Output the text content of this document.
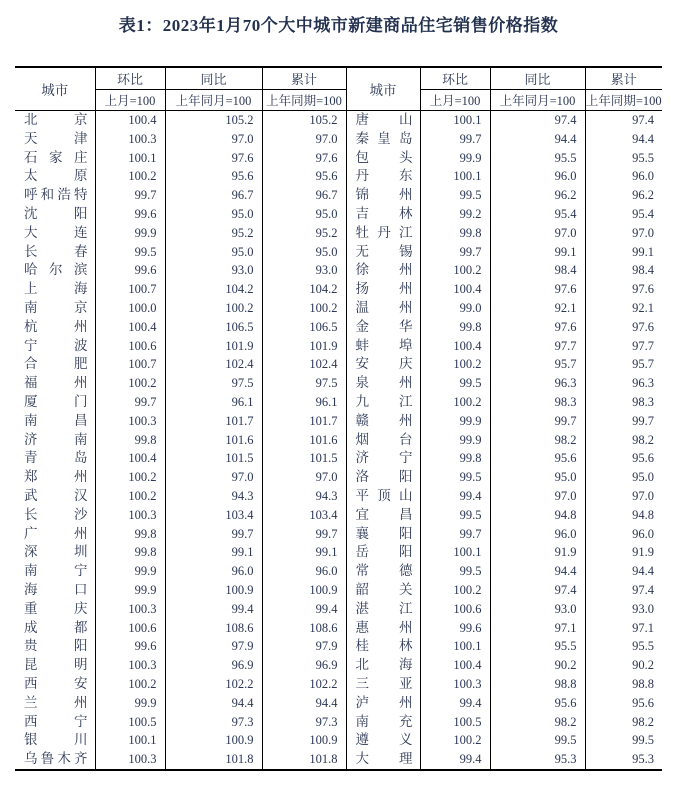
表1：2023年1月70个大中城市新建商品住宅销售价格指数
城市	环比	同比	累计	城市	环比	同比	累计
	上月=100	上年同月=100	上年同期=100		上月=100	上年同月=100	上年同期=100

北京	100.4	105.2	105.2	唐山	100.1	97.4	97.4

天津	100.3	97.0	97.0	秦皇岛	99.7	94.4	94.4

石家庄	100.1	97.6	97.6	包头	99.9	95.5	95.5

太原	100.2	95.6	95.6	丹东	100.1	96.0	96.0

呼和浩特	99.7	96.7	96.7	锦州	99.5	96.2	96.2

沈阳	99.6	95.0	95.0	吉林	99.2	95.4	95.4

大连	99.9	95.2	95.2	牡丹江	99.8	97.0	97.0

长春	99.5	95.0	95.0	无锡	99.7	99.1	99.1

哈尔滨	99.6	93.0	93.0	徐州	100.2	98.4	98.4

上海	100.7	104.2	104.2	扬州	100.4	97.6	97.6

南京	100.0	100.2	100.2	温州	99.0	92.1	92.1

杭州	100.4	106.5	106.5	金华	99.8	97.6	97.6

宁波	100.6	101.9	101.9	蚌埠	100.4	97.7	97.7

合肥	100.7	102.4	102.4	安庆	100.2	95.7	95.7

福州	100.2	97.5	97.5	泉州	99.5	96.3	96.3

厦门	99.7	96.1	96.1	九江	100.2	98.3	98.3

南昌	100.3	101.7	101.7	赣州	99.9	99.7	99.7

济南	99.8	101.6	101.6	烟台	99.9	98.2	98.2

青岛	100.4	101.5	101.5	济宁	99.8	95.6	95.6

郑州	100.2	97.0	97.0	洛阳	99.5	95.0	95.0

武汉	100.2	94.3	94.3	平顶山	99.4	97.0	97.0

长沙	100.3	103.4	103.4	宜昌	99.5	94.8	94.8

广州	99.8	99.7	99.7	襄阳	99.7	96.0	96.0

深圳	99.8	99.1	99.1	岳阳	100.1	91.9	91.9

南宁	99.9	96.0	96.0	常德	99.5	94.4	94.4

海口	99.9	100.9	100.9	韶关	100.2	97.4	97.4

重庆	100.3	99.4	99.4	湛江	100.6	93.0	93.0

成都	100.6	108.6	108.6	惠州	99.6	97.1	97.1

贵阳	99.6	97.9	97.9	桂林	100.1	95.5	95.5

昆明	100.3	96.9	96.9	北海	100.4	90.2	90.2

西安	100.2	102.2	102.2	三亚	100.3	98.8	98.8

兰州	99.9	94.4	94.4	泸州	99.4	95.6	95.6

西宁	100.5	97.3	97.3	南充	100.5	98.2	98.2

银川	100.1	100.9	100.9	遵义	100.2	99.5	99.5

乌鲁木齐	100.3	101.8	101.8	大理	99.4	95.3	95.3
